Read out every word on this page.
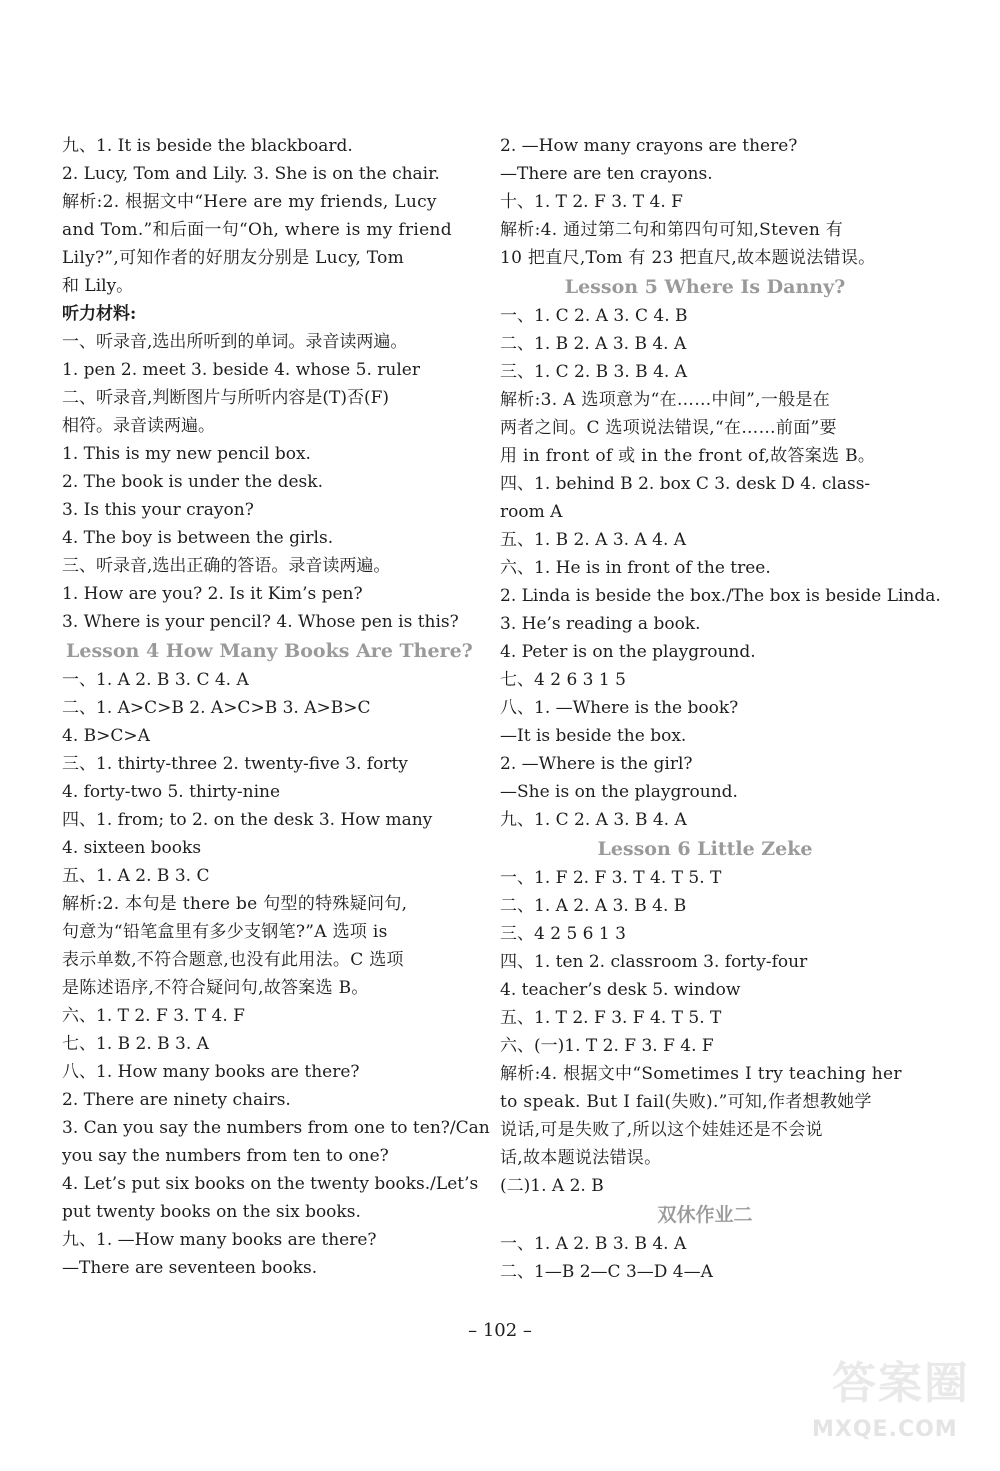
九、1. It is beside the blackboard.
2. Lucy, Tom and Lily. 3. She is on the chair.
解析:2. 根据文中“Here are my friends, Lucy
and Tom.”和后面一句“Oh, where is my friend
Lily?”,可知作者的好朋友分别是 Lucy, Tom
和 Lily。
听力材料:
一、听录音,选出所听到的单词。录音读两遍。
1. pen 2. meet 3. beside 4. whose 5. ruler
二、听录音,判断图片与所听内容是(T)否(F)
相符。录音读两遍。
1. This is my new pencil box.
2. The book is under the desk.
3. Is this your crayon?
4. The boy is between the girls.
三、听录音,选出正确的答语。录音读两遍。
1. How are you? 2. Is it Kim’s pen?
3. Where is your pencil? 4. Whose pen is this?
Lesson 4 How Many Books Are There?
一、1. A 2. B 3. C 4. A
二、1. A>C>B 2. A>C>B 3. A>B>C
4. B>C>A
三、1. thirty-three 2. twenty-five 3. forty
4. forty-two 5. thirty-nine
四、1. from; to 2. on the desk 3. How many
4. sixteen books
五、1. A 2. B 3. C
解析:2. 本句是 there be 句型的特殊疑问句,
句意为“铅笔盒里有多少支钢笔?”A 选项 is
表示单数,不符合题意,也没有此用法。C 选项
是陈述语序,不符合疑问句,故答案选 B。
六、1. T 2. F 3. T 4. F
七、1. B 2. B 3. A
八、1. How many books are there?
2. There are ninety chairs.
3. Can you say the numbers from one to ten?/Can
you say the numbers from ten to one?
4. Let’s put six books on the twenty books./Let’s
put twenty books on the six books.
九、1. —How many books are there?
—There are seventeen books.
2. —How many crayons are there?
—There are ten crayons.
十、1. T 2. F 3. T 4. F
解析:4. 通过第二句和第四句可知,Steven 有
10 把直尺,Tom 有 23 把直尺,故本题说法错误。
Lesson 5 Where Is Danny?
一、1. C 2. A 3. C 4. B
二、1. B 2. A 3. B 4. A
三、1. C 2. B 3. B 4. A
解析:3. A 选项意为“在……中间”,一般是在
两者之间。C 选项说法错误,“在……前面”要
用 in front of 或 in the front of,故答案选 B。
四、1. behind B 2. box C 3. desk D 4. class-
room A
五、1. B 2. A 3. A 4. A
六、1. He is in front of the tree.
2. Linda is beside the box./The box is beside Linda.
3. He’s reading a book.
4. Peter is on the playground.
七、4 2 6 3 1 5
八、1. —Where is the book?
—It is beside the box.
2. —Where is the girl?
—She is on the playground.
九、1. C 2. A 3. B 4. A
Lesson 6 Little Zeke
一、1. F 2. F 3. T 4. T 5. T
二、1. A 2. A 3. B 4. B
三、4 2 5 6 1 3
四、1. ten 2. classroom 3. forty-four
4. teacher’s desk 5. window
五、1. T 2. F 3. F 4. T 5. T
六、(一)1. T 2. F 3. F 4. F
解析:4. 根据文中“Sometimes I try teaching her
to speak. But I fail(失败).”可知,作者想教她学
说话,可是失败了,所以这个娃娃还是不会说
话,故本题说法错误。
(二)1. A 2. B
双休作业二
一、1. A 2. B 3. B 4. A
二、1—B 2—C 3—D 4—A
– 102 –
答案圈
MXQE.COM
